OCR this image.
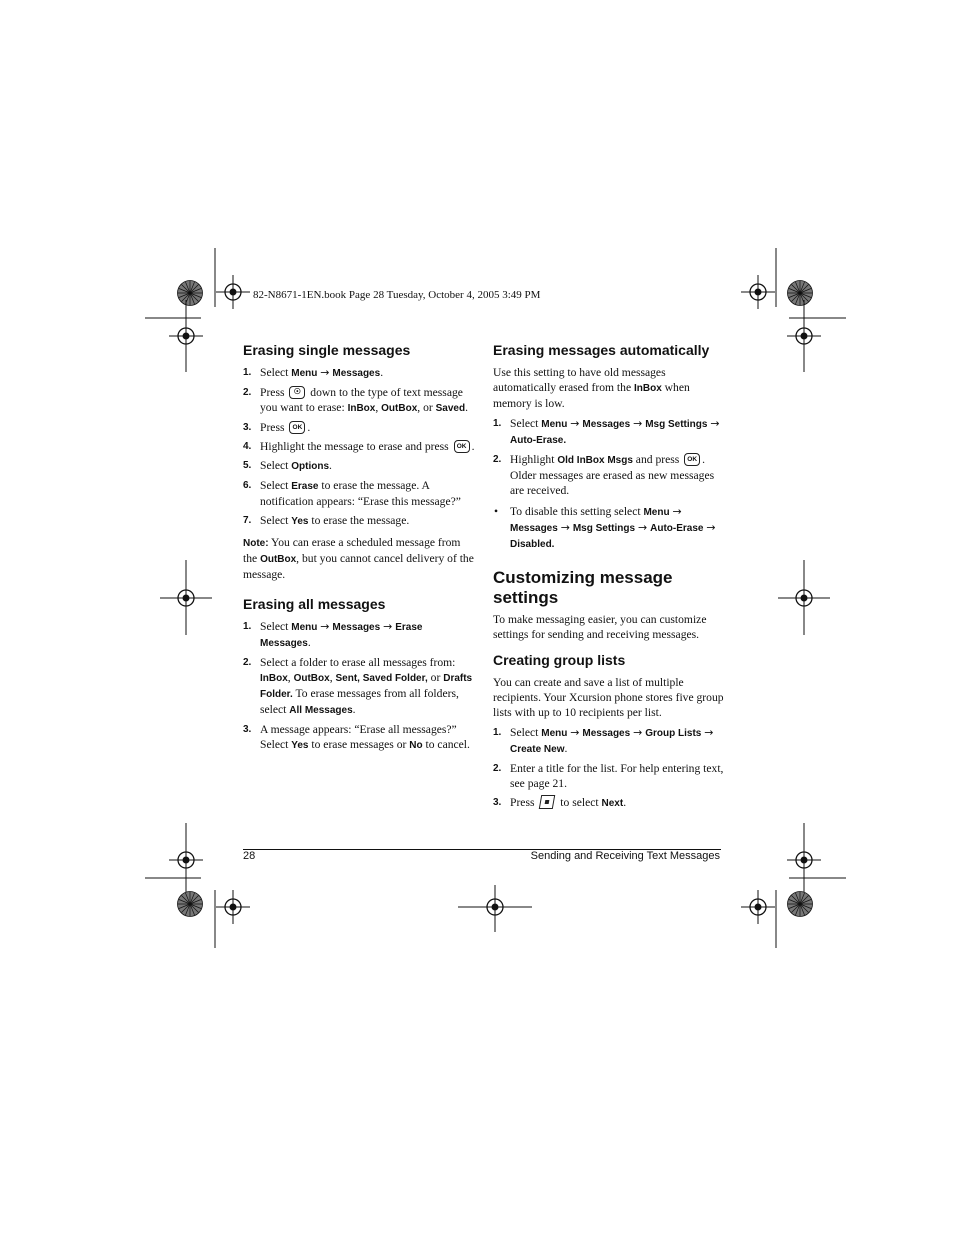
82-N8671-1EN.book Page 28 Tuesday, October 4, 2005 3:49 PM
Erasing single messages
1. Select Menu → Messages.
2. Press ☉ down to the type of text message you want to erase: InBox, OutBox, or Saved.
3. Press OK .
4. Highlight the message to erase and press OK .
5. Select Options.
6. Select Erase to erase the message. A notification appears: “Erase this message?”
7. Select Yes to erase the message.

Note: You can erase a scheduled message from the OutBox, but you cannot cancel delivery of the message.

Erasing all messages
1. Select Menu → Messages → Erase Messages.
2. Select a folder to erase all messages from: InBox, OutBox, Sent, Saved Folder, or Drafts Folder. To erase messages from all folders, select All Messages.
3. A message appears: “Erase all messages?” Select Yes to erase messages or No to cancel.
Erasing messages automatically

Use this setting to have old messages automatically erased from the InBox when memory is low.

1. Select Menu → Messages → Msg Settings → Auto-Erase.
2. Highlight Old InBox Msgs and press OK . Older messages are erased as new messages are received.
• To disable this setting select Menu → Messages → Msg Settings → Auto-Erase → Disabled.
Customizing message settings

To make messaging easier, you can customize settings for sending and receiving messages.

Creating group lists

You can create and save a list of multiple recipients. Your Xcursion phone stores five group lists with up to 10 recipients per list.

1. Select Menu → Messages → Group Lists → Create New.
2. Enter a title for the list. For help entering text, see page 21.
3. Press
to select Next.
28	Sending and Receiving Text Messages
